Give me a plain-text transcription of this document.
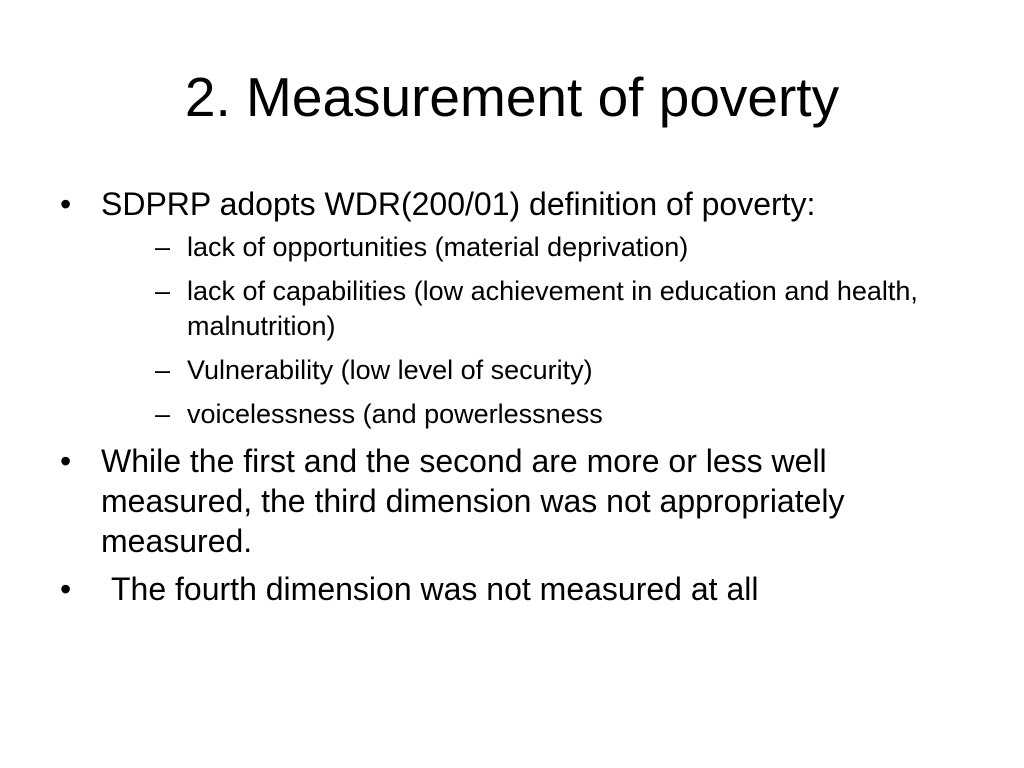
2. Measurement of poverty
• SDPRP adopts WDR(200/01) definition of poverty:
– lack of opportunities (material deprivation)
– lack of capabilities (low achievement in education and health, malnutrition)
– Vulnerability (low level of security)
– voicelessness (and powerlessness
• While the first and the second are more or less well measured, the third dimension was not appropriately measured.
•	The fourth dimension was not measured at all
